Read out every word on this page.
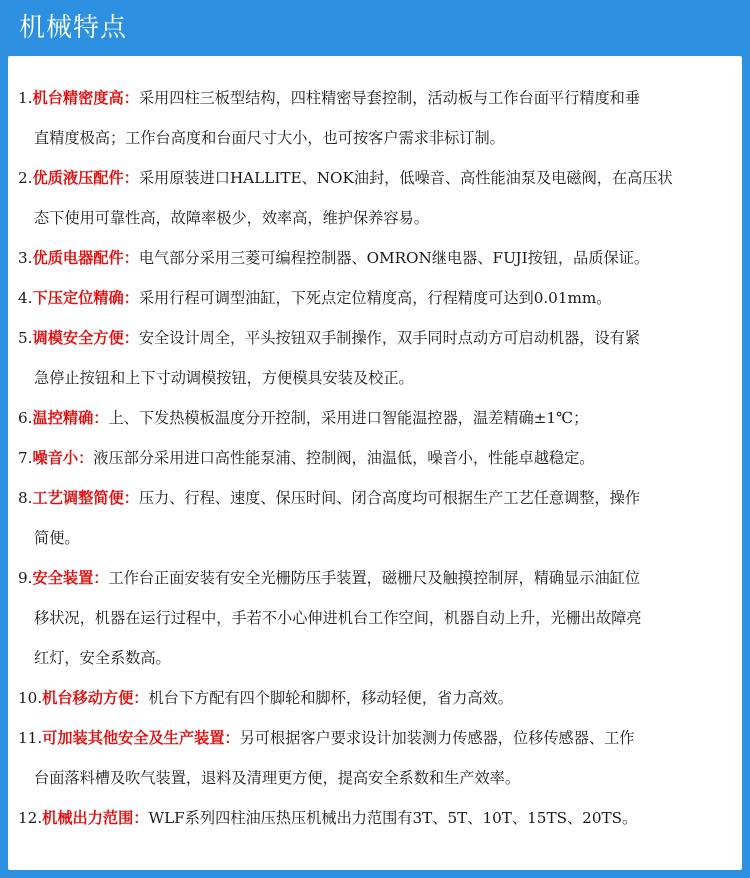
机械特点
1.机台精密度高：采用四柱三板型结构，四柱精密导套控制，活动板与工作台面平行精度和垂
直精度极高；工作台高度和台面尺寸大小，也可按客户需求非标订制。
2.优质液压配件：采用原装进口HALLITE、NOK油封，低噪音、高性能油泵及电磁阀，在高压状
态下使用可靠性高，故障率极少，效率高，维护保养容易。
3.优质电器配件：电气部分采用三菱可编程控制器、OMRON继电器、FUJI按钮，品质保证。
4.下压定位精确：采用行程可调型油缸，下死点定位精度高，行程精度可达到0.01mm。
5.调模安全方便：安全设计周全，平头按钮双手制操作，双手同时点动方可启动机器，设有紧
急停止按钮和上下寸动调模按钮，方便模具安装及校正。
6.温控精确：上、下发热模板温度分开控制，采用进口智能温控器，温差精确±1℃；
7.噪音小：液压部分采用进口高性能泵浦、控制阀，油温低，噪音小，性能卓越稳定。
8.工艺调整简便：压力、行程、速度、保压时间、闭合高度均可根据生产工艺任意调整，操作
简便。
9.安全装置：工作台正面安装有安全光栅防压手装置，磁栅尺及触摸控制屏，精确显示油缸位
移状况，机器在运行过程中，手若不小心伸进机台工作空间，机器自动上升，光栅出故障亮
红灯，安全系数高。
10.机台移动方便：机台下方配有四个脚轮和脚杯，移动轻便，省力高效。
11.可加装其他安全及生产装置：另可根据客户要求设计加装测力传感器，位移传感器、工作
台面落料槽及吹气装置，退料及清理更方便，提高安全系数和生产效率。
12.机械出力范围：WLF系列四柱油压热压机械出力范围有3T、5T、10T、15TS、20TS。
